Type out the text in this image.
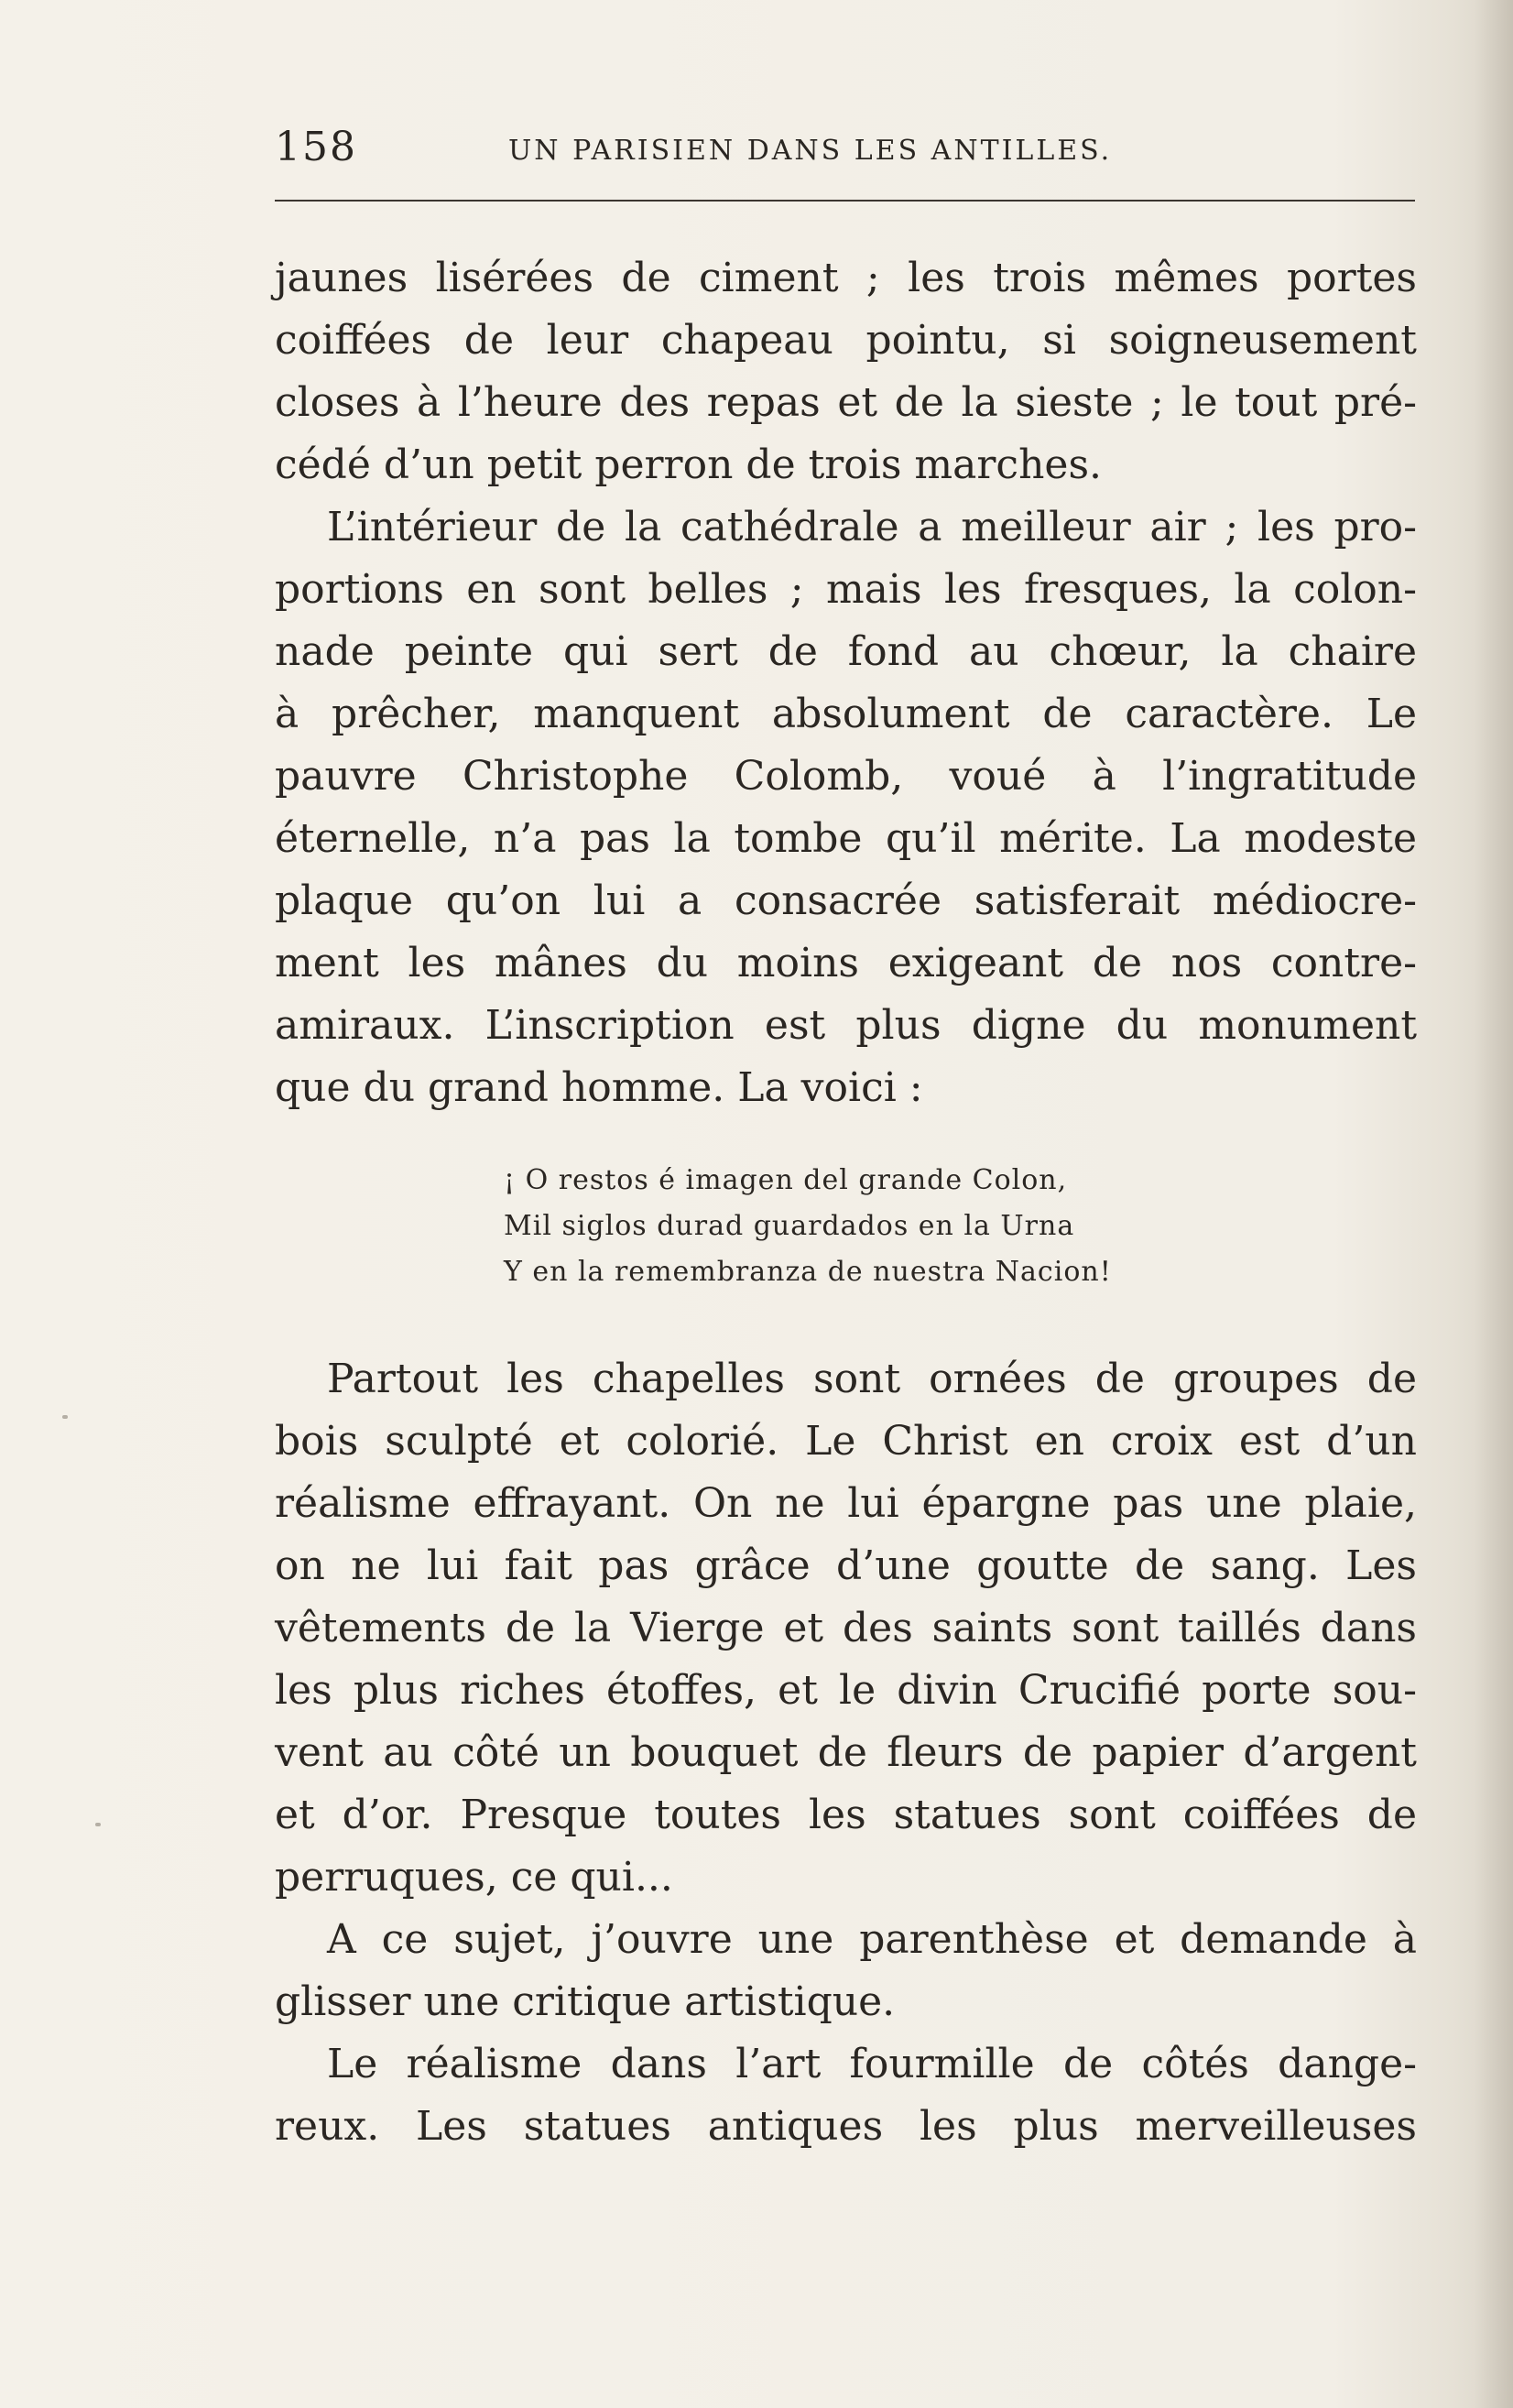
158	UN PARISIEN DANS LES ANTILLES.
jaunes lisérées de ciment ; les trois mêmes portes
coiffées de leur chapeau pointu, si soigneusement
closes à l’heure des repas et de la sieste ; le tout pré-
cédé d’un petit perron de trois marches.
L’intérieur de la cathédrale a meilleur air ; les pro-
portions en sont belles ; mais les fresques, la colon-
nade peinte qui sert de fond au chœur, la chaire
à prêcher, manquent absolument de caractère. Le
pauvre Christophe Colomb, voué à l’ingratitude
éternelle, n’a pas la tombe qu’il mérite. La modeste
plaque qu’on lui a consacrée satisferait médiocre-
ment les mânes du moins exigeant de nos contre-
amiraux. L’inscription est plus digne du monument
que du grand homme. La voici :
¡ O restos é imagen del grande Colon,
Mil siglos durad guardados en la Urna
Y en la remembranza de nuestra Nacion!
Partout les chapelles sont ornées de groupes de
bois sculpté et colorié. Le Christ en croix est d’un
réalisme effrayant. On ne lui épargne pas une plaie,
on ne lui fait pas grâce d’une goutte de sang. Les
vêtements de la Vierge et des saints sont taillés dans
les plus riches étoffes, et le divin Crucifié porte sou-
vent au côté un bouquet de fleurs de papier d’argent
et d’or. Presque toutes les statues sont coiffées de
perruques, ce qui...
A ce sujet, j’ouvre une parenthèse et demande à
glisser une critique artistique.
Le réalisme dans l’art fourmille de côtés dange-
reux. Les statues antiques les plus merveilleuses
